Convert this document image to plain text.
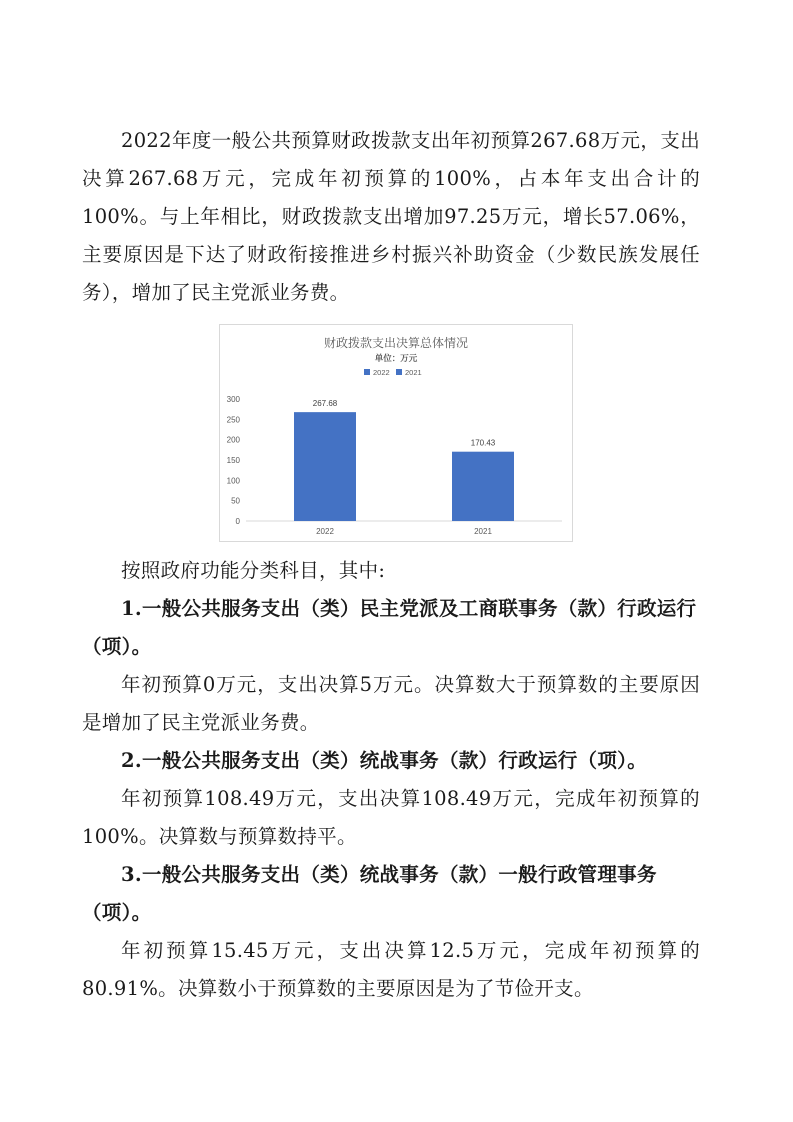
2022年度一般公共预算财政拨款支出年初预算267.68万元，支出决算267.68万元，完成年初预算的100%，占本年支出合计的100%。与上年相比，财政拨款支出增加97.25万元，增长57.06%，主要原因是下达了财政衔接推进乡村振兴补助资金（少数民族发展任务），增加了民主党派业务费。

财政拨款支出决算总体情况
单位：万元
2022 2021
0
50
100
150
200
250
300	267.68
2022
170.43
2021

按照政府功能分类科目，其中:

1.一般公共服务支出（类）民主党派及工商联事务（款）行政运行（项）。

年初预算0万元，支出决算5万元。决算数大于预算数的主要原因是增加了民主党派业务费。

2.一般公共服务支出（类）统战事务（款）行政运行（项）。

年初预算108.49万元，支出决算108.49万元，完成年初预算的100%。决算数与预算数持平。

3.一般公共服务支出（类）统战事务（款）一般行政管理事务（项）。

年初预算15.45万元，支出决算12.5万元，完成年初预算的80.91%。决算数小于预算数的主要原因是为了节俭开支。
